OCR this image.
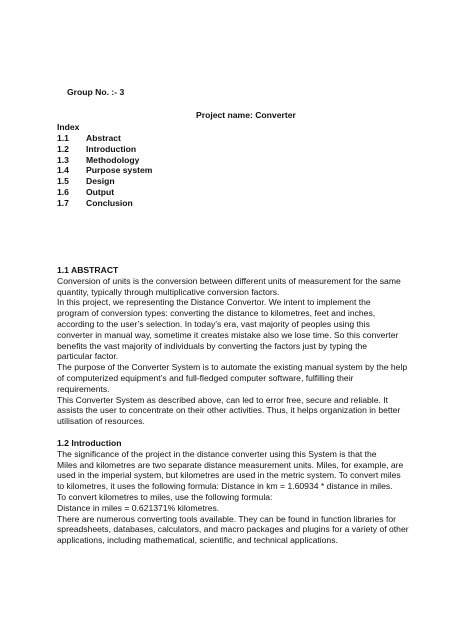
Group No. :- 3
Project name: Converter
Index
1.1 Abstract
1.2 Introduction
1.3 Methodology
1.4 Purpose system
1.5 Design
1.6 Output
1.7 Conclusion
1.1 ABSTRACT
Conversion of units is the conversion between different units of measurement for the same
quantity, typically through multiplicative conversion factors.
In this project, we representing the Distance Convertor. We intent to implement the
program of conversion types: converting the distance to kilometres, feet and inches,
according to the user’s selection. In today’s era, vast majority of peoples using this
converter in manual way, sometime it creates mistake also we lose time. So this converter
benefits the vast majority of individuals by converting the factors just by typing the
particular factor.
The purpose of the Converter System is to automate the existing manual system by the help
of computerized equipment’s and full-fledged computer software, fulfilling their
requirements.
This Converter System as described above, can led to error free, secure and reliable. It
assists the user to concentrate on their other activities. Thus, it helps organization in better
utilisation of resources.
1.2 Introduction
The significance of the project in the distance converter using this System is that the
Miles and kilometres are two separate distance measurement units. Miles, for example, are
used in the imperial system, but kilometres are used in the metric system. To convert miles
to kilometres, it uses the following formula: Distance in km = 1.60934 * distance in miles.
To convert kilometres to miles, use the following formula:
Distance in miles = 0.621371% kilometres.
There are numerous converting tools available. They can be found in function libraries for
spreadsheets, databases, calculators, and macro packages and plugins for a variety of other
applications, including mathematical, scientific, and technical applications.
